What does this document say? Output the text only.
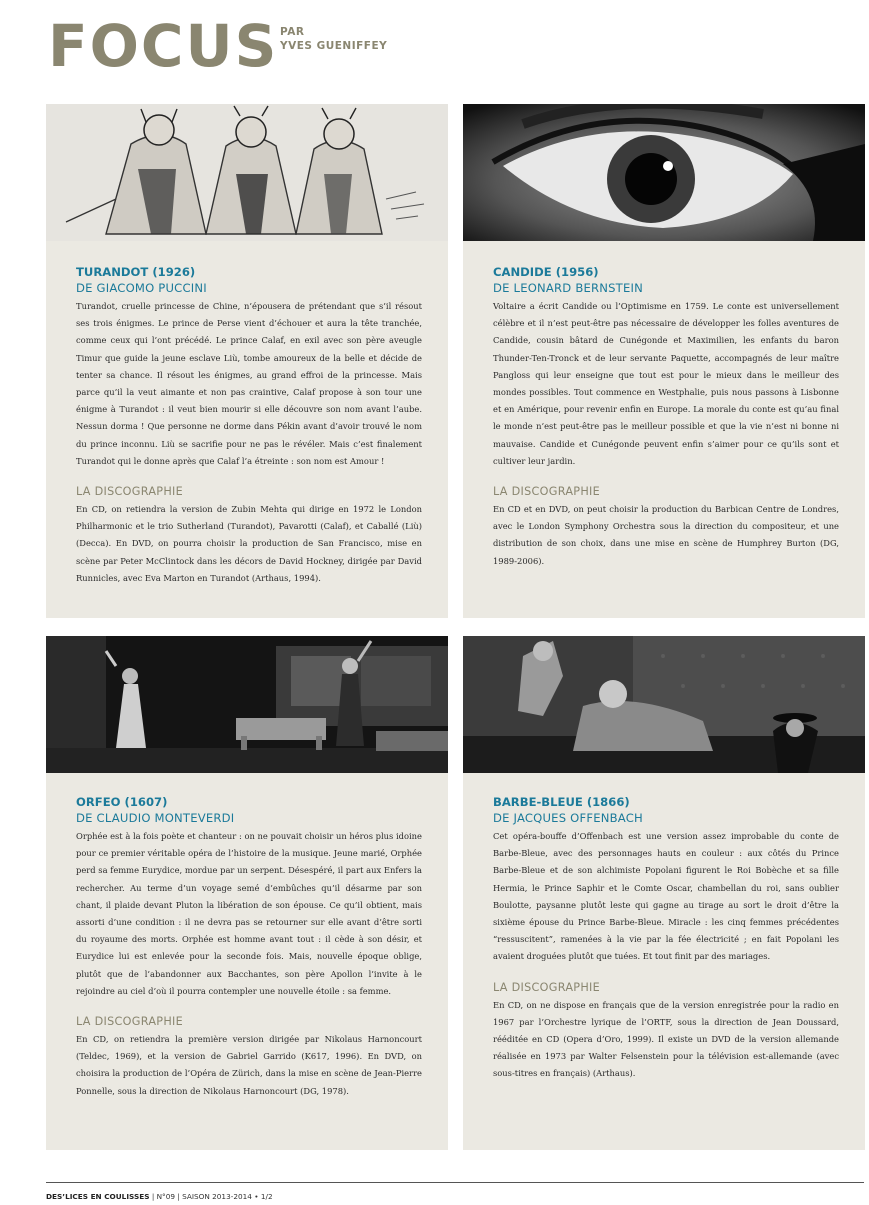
FOCUS PAR
YVES GUENIFFEY
TURANDOT (1926)
DE GIACOMO PUCCINI

Turandot, cruelle princesse de Chine, n’épousera de prétendant que s’il résout ses trois énigmes. Le prince de Perse vient d’échouer et aura la tête tranchée, comme ceux qui l’ont précédé. Le prince Calaf, en exil avec son père aveugle Timur que guide la jeune esclave Liù, tombe amoureux de la belle et décide de tenter sa chance. Il résout les énigmes, au grand effroi de la princesse. Mais parce qu’il la veut aimante et non pas craintive, Calaf propose à son tour une énigme à Turandot : il veut bien mourir si elle découvre son nom avant l’aube. Nessun dorma ! Que personne ne dorme dans Pékin avant d’avoir trouvé le nom du prince inconnu. Liù se sacrifie pour ne pas le révéler. Mais c’est finalement Turandot qui le donne après que Calaf l’a étreinte : son nom est Amour !

LA DISCOGRAPHIE

En CD, on retiendra la version de Zubin Mehta qui dirige en 1972 le London Philharmonic et le trio Sutherland (Turandot), Pavarotti (Calaf), et Caballé (Liù) (Decca). En DVD, on pourra choisir la production de San Francisco, mise en scène par Peter McClintock dans les décors de David Hockney, dirigée par David Runnicles, avec Eva Marton en Turandot (Arthaus, 1994).

CANDIDE (1956)
DE LEONARD BERNSTEIN

Voltaire a écrit Candide ou l’Optimisme en 1759. Le conte est universellement célèbre et il n’est peut-être pas nécessaire de développer les folles aventures de Candide, cousin bâtard de Cunégonde et Maximilien, les enfants du baron Thunder-Ten-Tronck et de leur servante Paquette, accompagnés de leur maître Pangloss qui leur enseigne que tout est pour le mieux dans le meilleur des mondes possibles. Tout commence en Westphalie, puis nous passons à Lisbonne et en Amérique, pour revenir enfin en Europe. La morale du conte est qu’au final le monde n’est peut-être pas le meilleur possible et que la vie n’est ni bonne ni mauvaise. Candide et Cunégonde peuvent enfin s’aimer pour ce qu’ils sont et cultiver leur jardin.

LA DISCOGRAPHIE

En CD et en DVD, on peut choisir la production du Barbican Centre de Londres, avec le London Symphony Orchestra sous la direction du compositeur, et une distribution de son choix, dans une mise en scène de Humphrey Burton (DG, 1989-2006).

ORFEO (1607)
DE CLAUDIO MONTEVERDI

Orphée est à la fois poète et chanteur : on ne pouvait choisir un héros plus idoine pour ce premier véritable opéra de l’histoire de la musique. Jeune marié, Orphée perd sa femme Eurydice, mordue par un serpent. Désespéré, il part aux Enfers la rechercher. Au terme d’un voyage semé d’embûches qu’il désarme par son chant, il plaide devant Pluton la libération de son épouse. Ce qu’il obtient, mais assorti d’une condition : il ne devra pas se retourner sur elle avant d’être sorti du royaume des morts. Orphée est homme avant tout : il cède à son désir, et Eurydice lui est enlevée pour la seconde fois. Mais, nouvelle époque oblige, plutôt que de l’abandonner aux Bacchantes, son père Apollon l’invite à le rejoindre au ciel d’où il pourra contempler une nouvelle étoile : sa femme.

LA DISCOGRAPHIE

En CD, on retiendra la première version dirigée par Nikolaus Harnoncourt (Teldec, 1969), et la version de Gabriel Garrido (K617, 1996). En DVD, on choisira la production de l’Opéra de Zürich, dans la mise en scène de Jean-Pierre Ponnelle, sous la direction de Nikolaus Harnoncourt (DG, 1978).

BARBE-BLEUE (1866)
DE JACQUES OFFENBACH

Cet opéra-bouffe d’Offenbach est une version assez improbable du conte de Barbe-Bleue, avec des personnages hauts en couleur : aux côtés du Prince Barbe-Bleue et de son alchimiste Popolani figurent le Roi Bobèche et sa fille Hermia, le Prince Saphir et le Comte Oscar, chambellan du roi, sans oublier Boulotte, paysanne plutôt leste qui gagne au tirage au sort le droit d’être la sixième épouse du Prince Barbe-Bleue. Miracle : les cinq femmes précédentes “ressuscitent”, ramenées à la vie par la fée électricité ; en fait Popolani les avaient droguées plutôt que tuées. Et tout finit par des mariages.

LA DISCOGRAPHIE

En CD, on ne dispose en français que de la version enregistrée pour la radio en 1967 par l’Orchestre lyrique de l’ORTF, sous la direction de Jean Doussard, rééditée en CD (Opera d’Oro, 1999). Il existe un DVD de la version allemande réalisée en 1973 par Walter Felsenstein pour la télévision est-allemande (avec sous-titres en français) (Arthaus).

DES’LICES EN COULISSES | N°09 | SAISON 2013-2014 • 1/2
